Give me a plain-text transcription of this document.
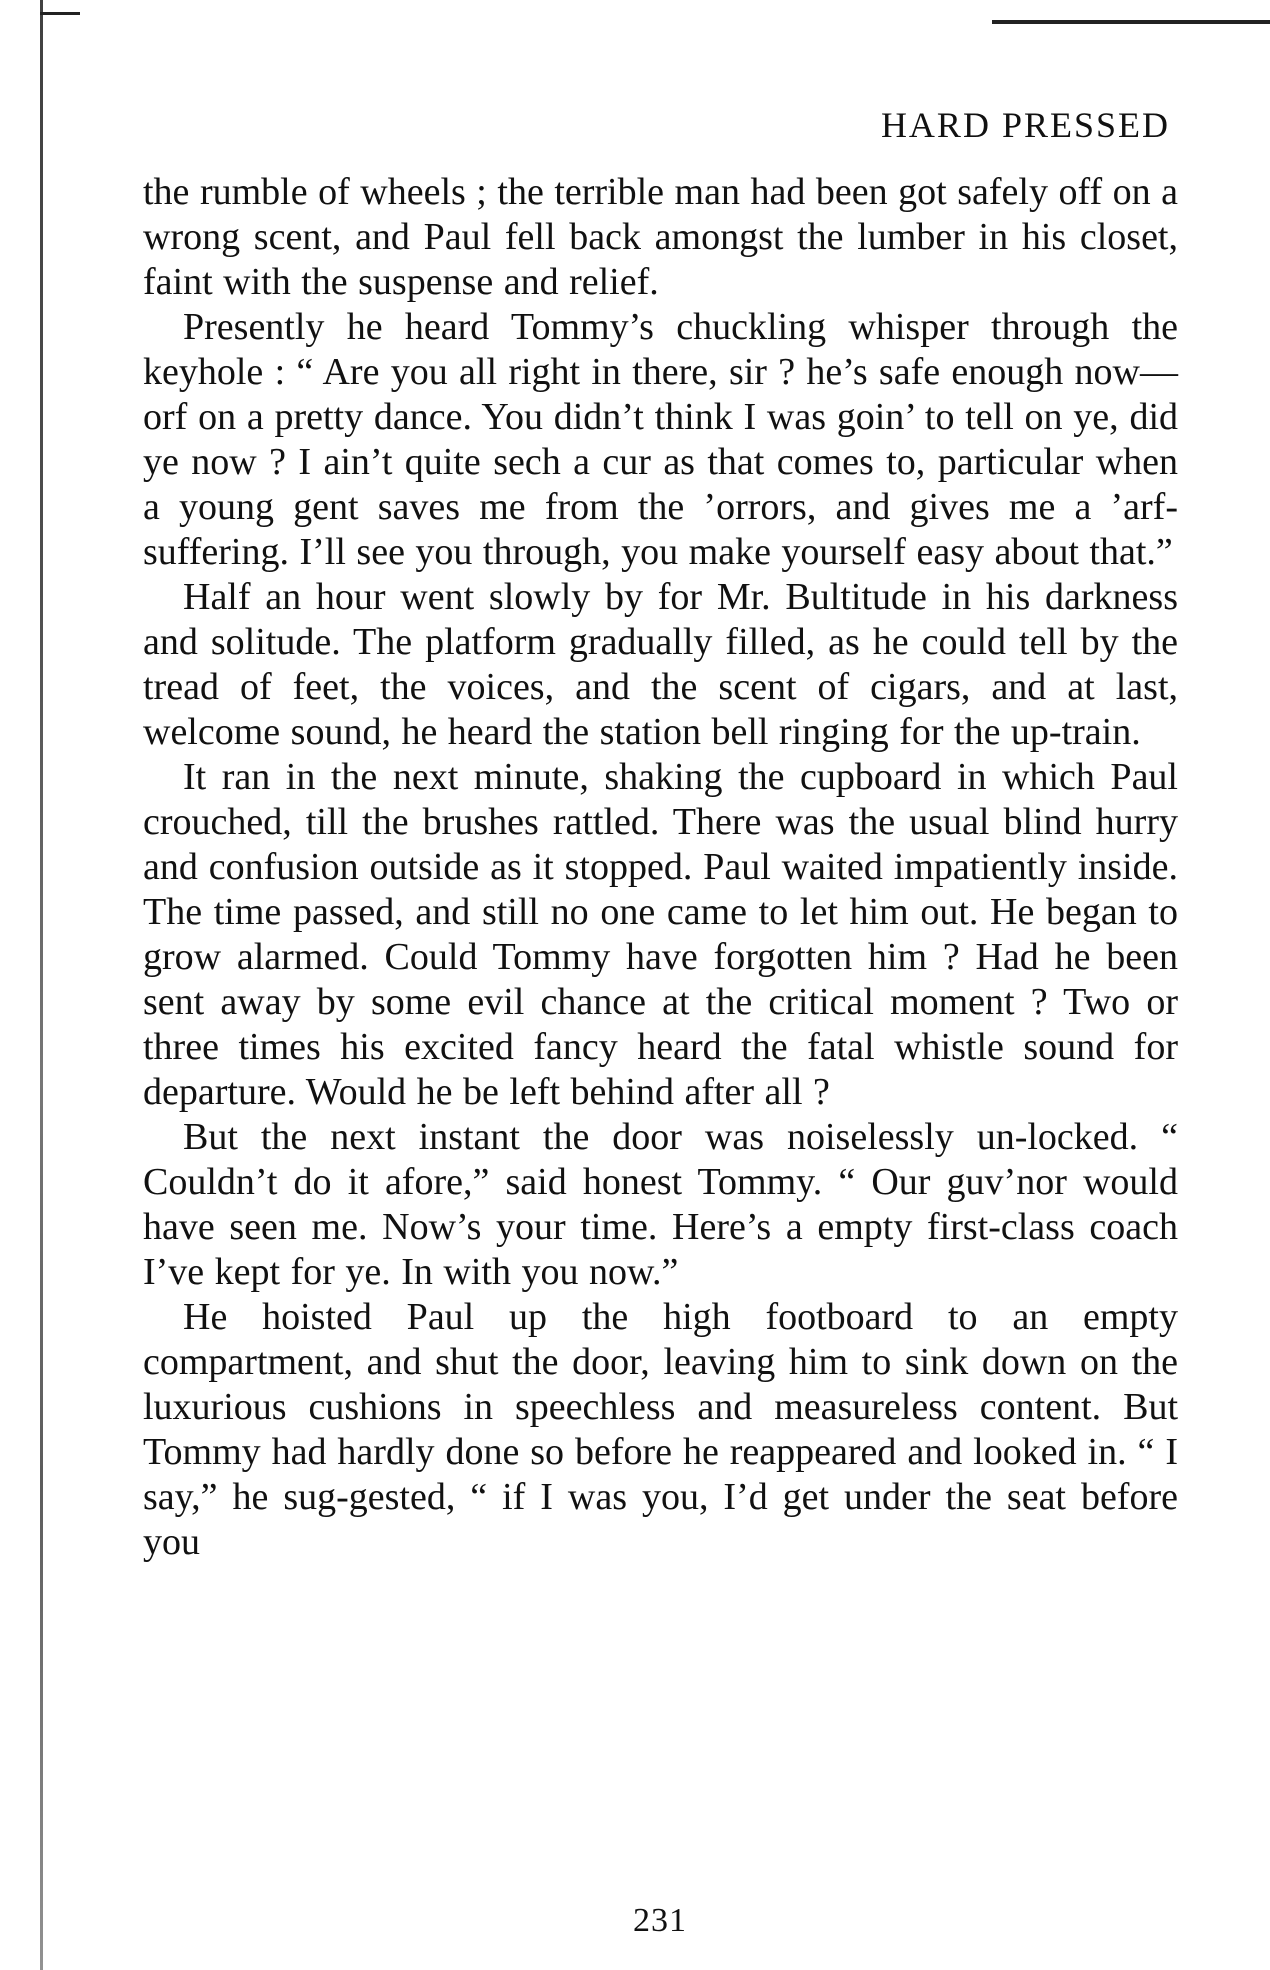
HARD PRESSED

the rumble of wheels ; the terrible man had been got safely off on a wrong scent, and Paul fell back amongst the lumber in his closet, faint with the suspense and relief.

Presently he heard Tommy’s chuckling whisper through the keyhole : “ Are you all right in there, sir ? he’s safe enough now—orf on a pretty dance. You didn’t think I was goin’ to tell on ye, did ye now ? I ain’t quite sech a cur as that comes to, particular when a young gent saves me from the ’orrors, and gives me a ’arf-suffering. I’ll see you through, you make yourself easy about that.”

Half an hour went slowly by for Mr. Bultitude in his darkness and solitude. The platform gradually filled, as he could tell by the tread of feet, the voices, and the scent of cigars, and at last, welcome sound, he heard the station bell ringing for the up-train.

It ran in the next minute, shaking the cupboard in which Paul crouched, till the brushes rattled. There was the usual blind hurry and confusion outside as it stopped. Paul waited impatiently inside. The time passed, and still no one came to let him out. He began to grow alarmed. Could Tommy have forgotten him ? Had he been sent away by some evil chance at the critical moment ? Two or three times his excited fancy heard the fatal whistle sound for departure. Would he be left behind after all ?

But the next instant the door was noiselessly un-locked. “ Couldn’t do it afore,” said honest Tommy. “ Our guv’nor would have seen me. Now’s your time. Here’s a empty first-class coach I’ve kept for ye. In with you now.”

He hoisted Paul up the high footboard to an empty compartment, and shut the door, leaving him to sink down on the luxurious cushions in speechless and measureless content. But Tommy had hardly done so before he reappeared and looked in. “ I say,” he sug-gested, “ if I was you, I’d get under the seat before you

231
